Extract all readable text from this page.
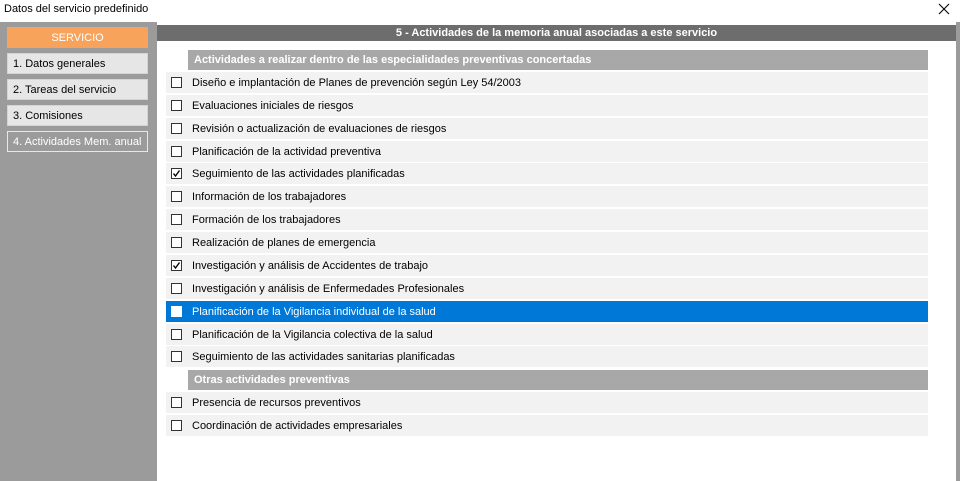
Datos del servicio predefinido
SERVICIO
1. Datos generales
2. Tareas del servicio
3. Comisiones
4. Actividades Mem. anual
5 - Actividades de la memoria anual asociadas a este servicio
Actividades a realizar dentro de las especialidades preventivas concertadas
Diseño e implantación de Planes de prevención según Ley 54/2003
Evaluaciones iniciales de riesgos
Revisión o actualización de evaluaciones de riesgos
Planificación de la actividad preventiva
Seguimiento de las actividades planificadas
Información de los trabajadores
Formación de los trabajadores
Realización de planes de emergencia
Investigación y análisis de Accidentes de trabajo
Investigación y análisis de Enfermedades Profesionales
Planificación de la Vigilancia individual de la salud
Planificación de la Vigilancia colectiva de la salud
Seguimiento de las actividades sanitarias planificadas
Otras actividades preventivas
Presencia de recursos preventivos
Coordinación de actividades empresariales
